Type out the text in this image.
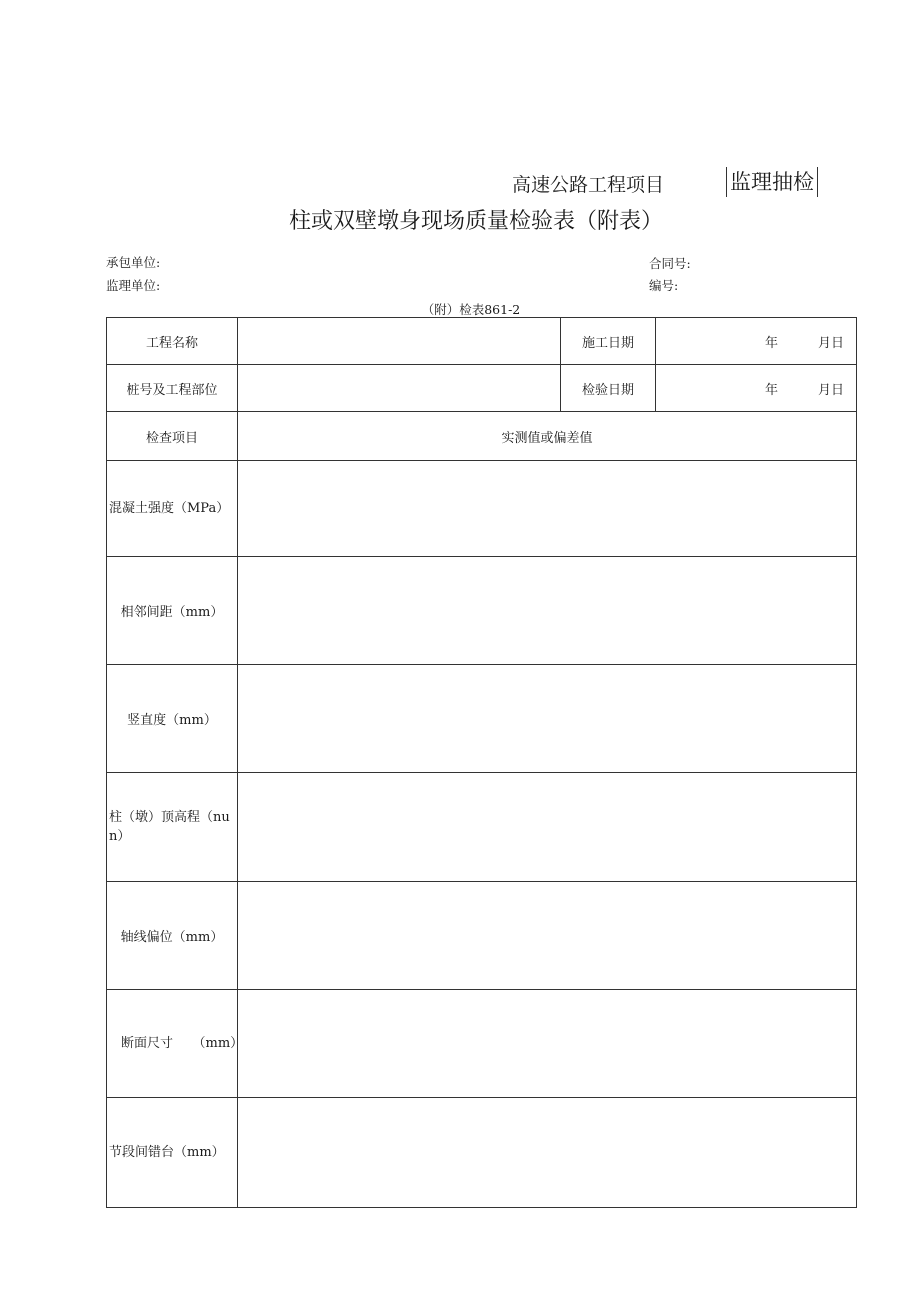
高速公路工程项目	监理抽检
柱或双壁墩身现场质量检验表（附表）
承包单位:
监理单位:
合同号:
编号:
（附）检表861-2
工程名称		施工日期	年 月日
桩号及工程部位		检验日期	年 月日
检查项目	实测值或偏差值		
混凝土强度（MPa）			
相邻间距（mm）			
竖直度（mm）			
柱（墩）顶高程（nun）			
轴线偏位（mm）			
断面尺寸　　（mm）			
节段间错台（mm）			
